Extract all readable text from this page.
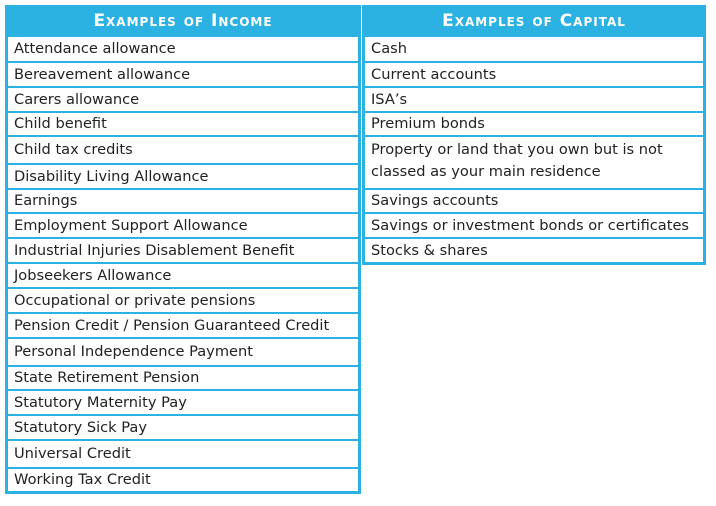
Examples of Income
Attendance allowance
Bereavement allowance
Carers allowance
Child benefit
Child tax credits
Disability Living Allowance
Earnings
Employment Support Allowance
Industrial Injuries Disablement Benefit
Jobseekers Allowance
Occupational or private pensions
Pension Credit / Pension Guaranteed Credit
Personal Independence Payment
State Retirement Pension
Statutory Maternity Pay
Statutory Sick Pay
Universal Credit
Working Tax Credit
Examples of Capital
Cash
Current accounts
ISA’s
Premium bonds
Property or land that you own but is not classed as your main residence
Savings accounts
Savings or investment bonds or certificates
Stocks & shares
